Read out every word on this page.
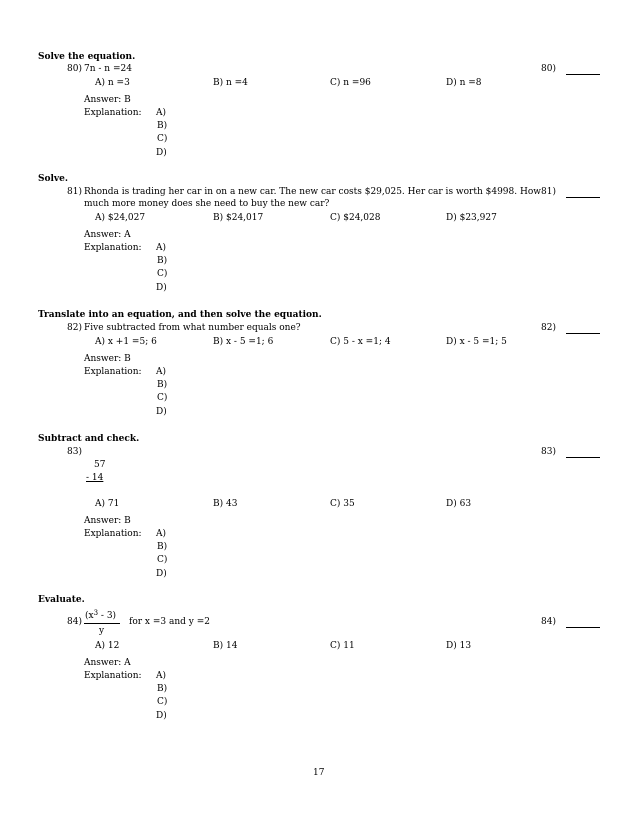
Solve the equation.
80) 7n - n =24	80)
A) n =3	B) n =4	C) n =96	D) n =8
Answer: B
Explanation: A)
B)
C)
D)
Solve.
81) Rhonda is trading her car in on a new car. The new car costs $29,025. Her car is worth $4998. How
much more money does she need to buy the new car?
81)
A) $24,027	B) $24,017	C) $24,028	D) $23,927
Answer: A
Explanation: A)
B)
C)
D)
Translate into an equation, and then solve the equation.
82) Five subtracted from what number equals one?	82)
A) x +1 =5; 6	B) x - 5 =1; 6	C) 5 - x =1; 4	D) x - 5 =1; 5
Answer: B
Explanation: A)
B)
C)
D)
Subtract and check.
83)
57
- 14
83)
A) 71	B) 43	C) 35	D) 63
Answer: B
Explanation: A)
B)
C)
D)
Evaluate.
84)
$(x^3 - 3)$
y
for x =3 and y =2	84)
A) 12	B) 14	C) 11	D) 13
Answer: A
Explanation: A)
B)
C)
D)
17
